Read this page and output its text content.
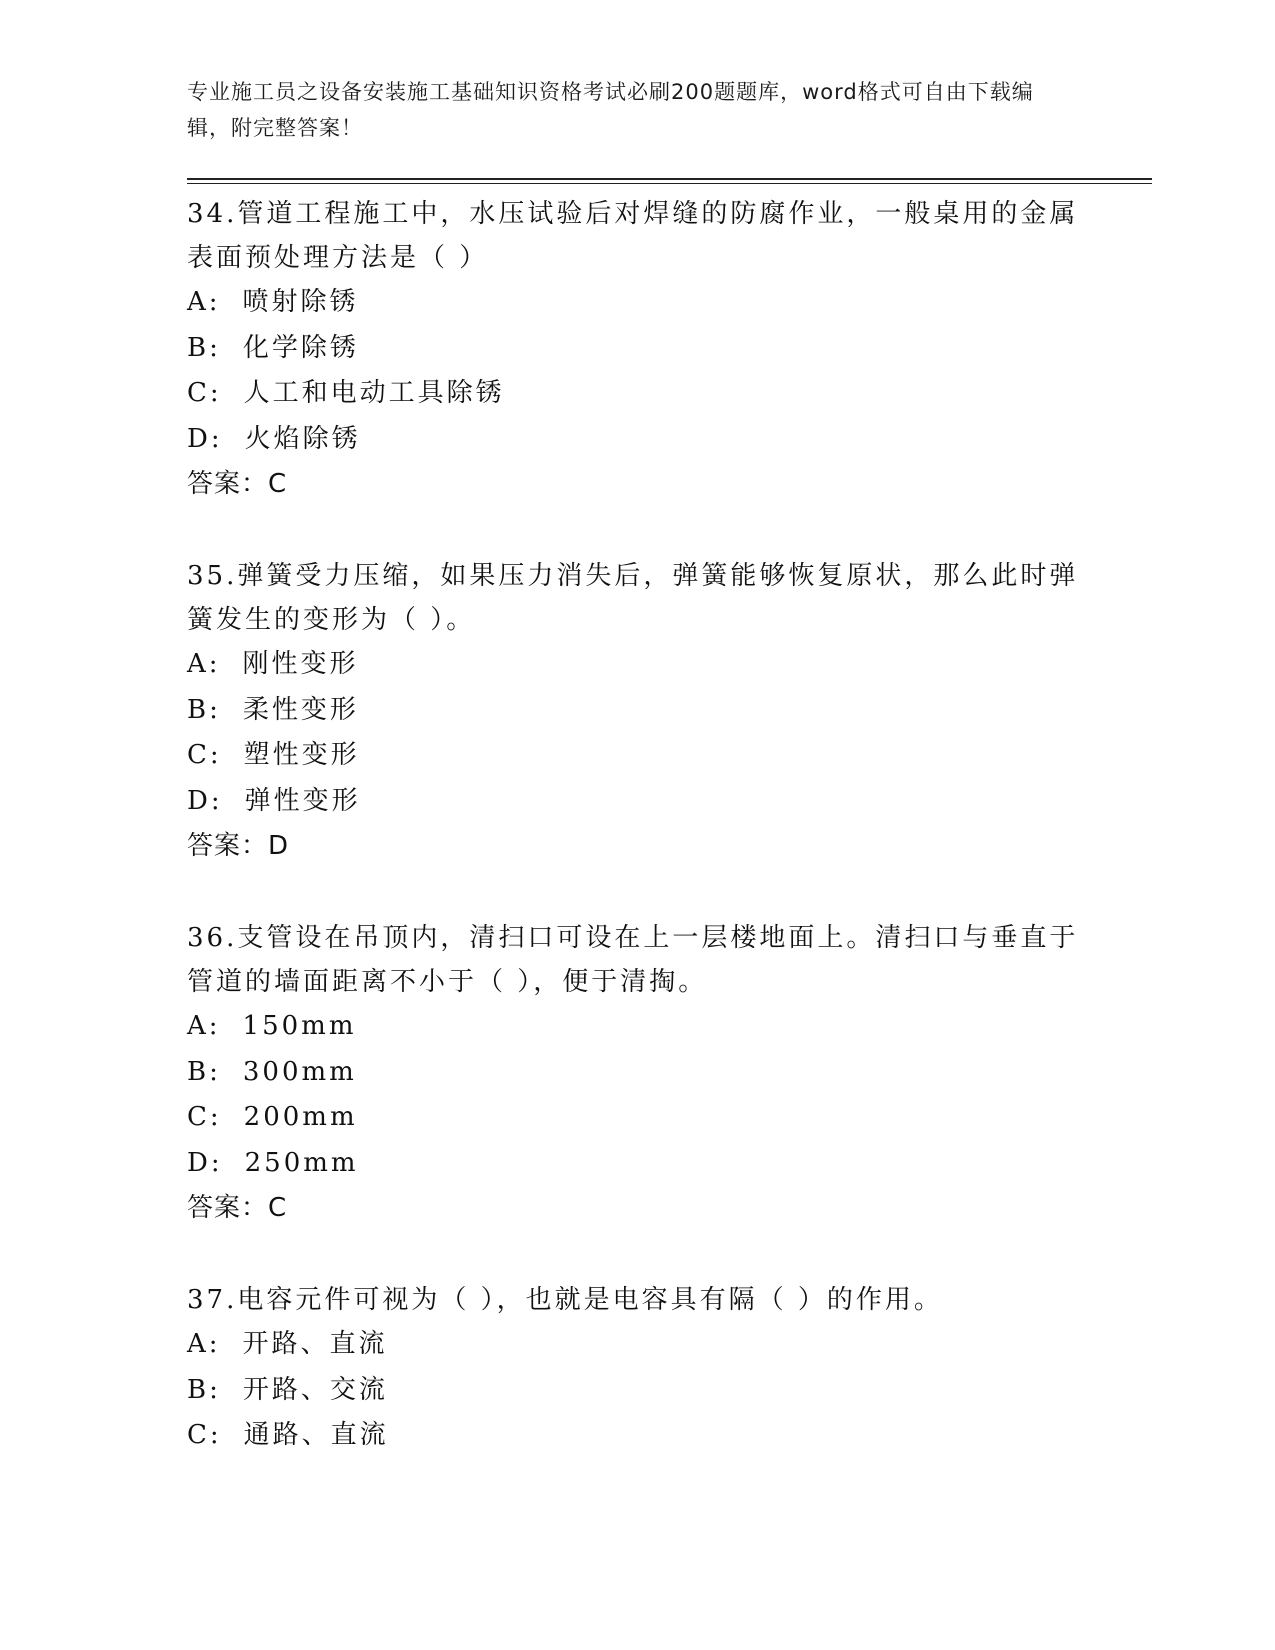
专业施工员之设备安装施工基础知识资格考试必刷200题题库，word格式可自由下载编辑，附完整答案！
34.管道工程施工中，水压试验后对焊缝的防腐作业，一般桌用的金属表面预处理方法是（ ）
A: 喷射除锈
B: 化学除锈
C: 人工和电动工具除锈
D: 火焰除锈
答案：C
35.弹簧受力压缩，如果压力消失后，弹簧能够恢复原状，那么此时弹簧发生的变形为（ ）。
A: 刚性变形
B: 柔性变形
C: 塑性变形
D: 弹性变形
答案：D
36.支管设在吊顶内，清扫口可设在上一层楼地面上。清扫口与垂直于管道的墙面距离不小于（ ），便于清掏。
A: 150mm
B: 300mm
C: 200mm
D: 250mm
答案：C
37.电容元件可视为（ ），也就是电容具有隔（ ）的作用。
A: 开路、直流
B: 开路、交流
C: 通路、直流
